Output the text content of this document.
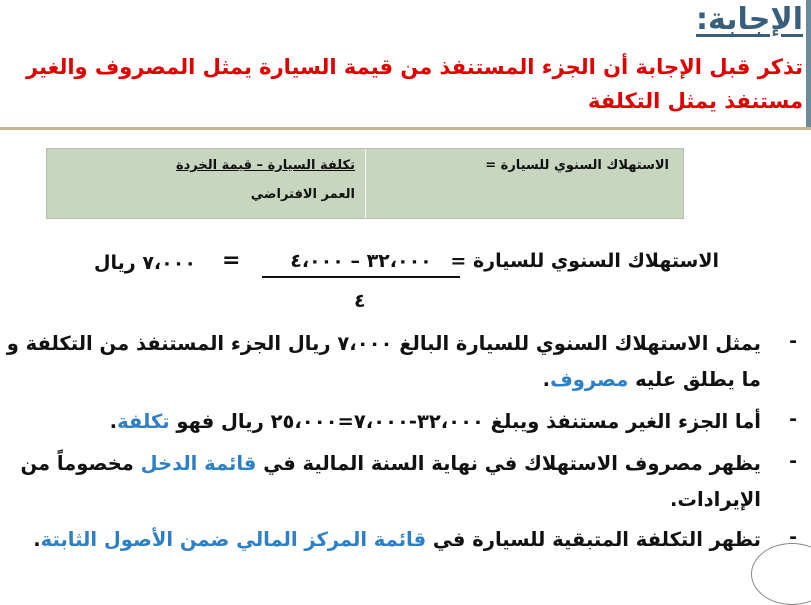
الإجابة:
تذكر قبل الإجابة أن الجزء المستنفذ من قيمة السيارة يمثل المصروف والغير مستنفذ يمثل التكلفة
الاستهلاك السنوي للسيارة =
تكلفة السيارة – قيمة الخردة
العمر الافتراضي
الاستهلاك السنوي للسيارة =
٣٢،٠٠٠ – ٤،٠٠٠
=
٧،٠٠٠ ريال
٤
-
يمثل الاستهلاك السنوي للسيارة البالغ ٧،٠٠٠ ريال الجزء المستنفذ من التكلفة و
ما يطلق عليه مصروف.
-
أما الجزء الغير مستنفذ ويبلغ ٣٢،٠٠٠-٧،٠٠٠=٢٥،٠٠٠ ريال فهو تكلفة.
-
يظهر مصروف الاستهلاك في نهاية السنة المالية في قائمة الدخل مخصوماً من الإيرادات.
-
تظهر التكلفة المتبقية للسيارة في قائمة المركز المالي ضمن الأصول الثابتة.
